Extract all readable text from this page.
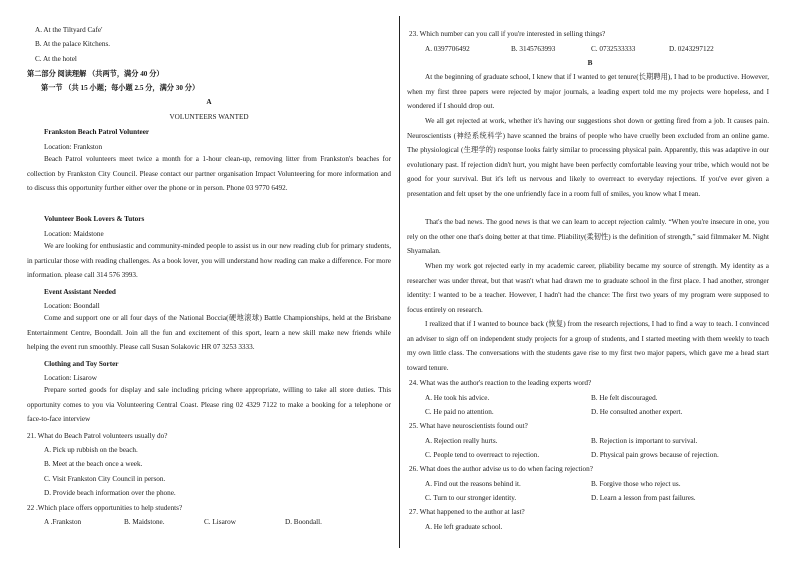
A. At the Tiltyard Cafe'
B. At the palace Kitchens.
C. At the hotel
第二部分 阅读理解 （共两节，满分 40 分）
第一节 （共 15 小题；每小题 2.5 分，满分 30 分）
A
VOLUNTEERS WANTED
Frankston Beach Patrol Volunteer
Location: Frankston
Beach Patrol volunteers meet twice a month for a 1-hour clean-up, removing litter from Frankston's beaches for collection by Frankston City Council. Please contact our partner organisation Impact Volunteering for more information and to discuss this opportunity further either over the phone or in person. Phone 03 9770 6492.
Volunteer Book Lovers & Tutors
Location: Maidstone
We are looking for enthusiastic and community-minded people to assist us in our new reading club for primary students, in particular those with reading challenges. As a book lover, you will understand how reading can make a difference. For more information. please call 314 576 3993.
Event Assistant Needed
Location: Boondall
Come and support one or all four days of the National Boccia(硬地滚球) Battle Championships, held at the Brisbane Entertainment Centre, Boondall. Join all the fun and excitement of this sport, learn a new skill make new friends while helping the event run smoothly. Please call Susan Solakovic HR 07 3253 3333.
Clothing and Toy Sorter
Location: Lisarow
Prepare sorted goods for display and sale including pricing where appropriate, willing to take all store duties. This opportunity comes to you via Volunteering Central Coast. Please ring 02 4329 7122 to make a booking for a telephone or face-to-face interview
21. What do Beach Patrol volunteers usually do?
A. Pick up rubbish on the beach.
B. Meet at the beach once a week.
C. Visit Frankston City Council in person.
D. Provide beach information over the phone.
22 .Which place offers opportunities to help students?
A .Frankston	B. Maidstone.	C. Lisarow	D. Boondall.
23. Which number can you call if you're interested in selling things?
A. 0397706492	B. 3145763993	C. 0732533333	D. 0243297122
B
At the beginning of graduate school, I knew that if I wanted to get tenure(长期聘用), I had to be productive. However, when my first three papers were rejected by major journals, a leading expert told me my projects were hopeless, and I wondered if I should drop out.
We all get rejected at work, whether it's having our suggestions shot down or getting fired from a job. It causes pain. Neuroscientists (神经系统科学) have scanned the brains of people who have cruelly been excluded from an online game. The physiological (生理学的) response looks fairly similar to processing physical pain. Apparently, this was adaptive in our evolutionary past. If rejection didn't hurt, you might have been perfectly comfortable leaving your tribe, which would not be good for your survival. But it's left us nervous and likely to overreact to everyday rejections. If you've ever given a presentation and felt upset by the one unfriendly face in a room full of smiles, you know what I mean.
That's the bad news. The good news is that we can learn to accept rejection calmly. “When you're insecure in one, you rely on the other one that's doing better at that time. Pliability(柔韧性) is the definition of strength,” said filmmaker M. Night Shyamalan.
When my work got rejected early in my academic career, pliability became my source of strength. My identity as a researcher was under threat, but that wasn't what had drawn me to graduate school in the first place. I had another, stronger identity: I wanted to be a teacher. However, I hadn't had the chance: The first two years of my program were supposed to focus entirely on research.
I realized that if I wanted to bounce back (恢复) from the research rejections, I had to find a way to teach. I convinced an adviser to sign off on independent study projects for a group of students, and I started meeting with them weekly to teach my own little class. The conversations with the students gave rise to my first two major papers, which gave me a head start toward tenure.
24. What was the author's reaction to the leading experts word?
A. He took his advice.	B. He felt discouraged.
C. He paid no attention.	D. He consulted another expert.
25. What have neuroscientists found out?
A. Rejection really hurts.	B. Rejection is important to survival.
C. People tend to overreact to rejection.	D. Physical pain grows because of rejection.
26. What does the author advise us to do when facing rejection?
A. Find out the reasons behind it.	B. Forgive those who reject us.
C. Turn to our stronger identity.	D. Learn a lesson from past failures.
27. What happened to the author at last?
A. He left graduate school.
